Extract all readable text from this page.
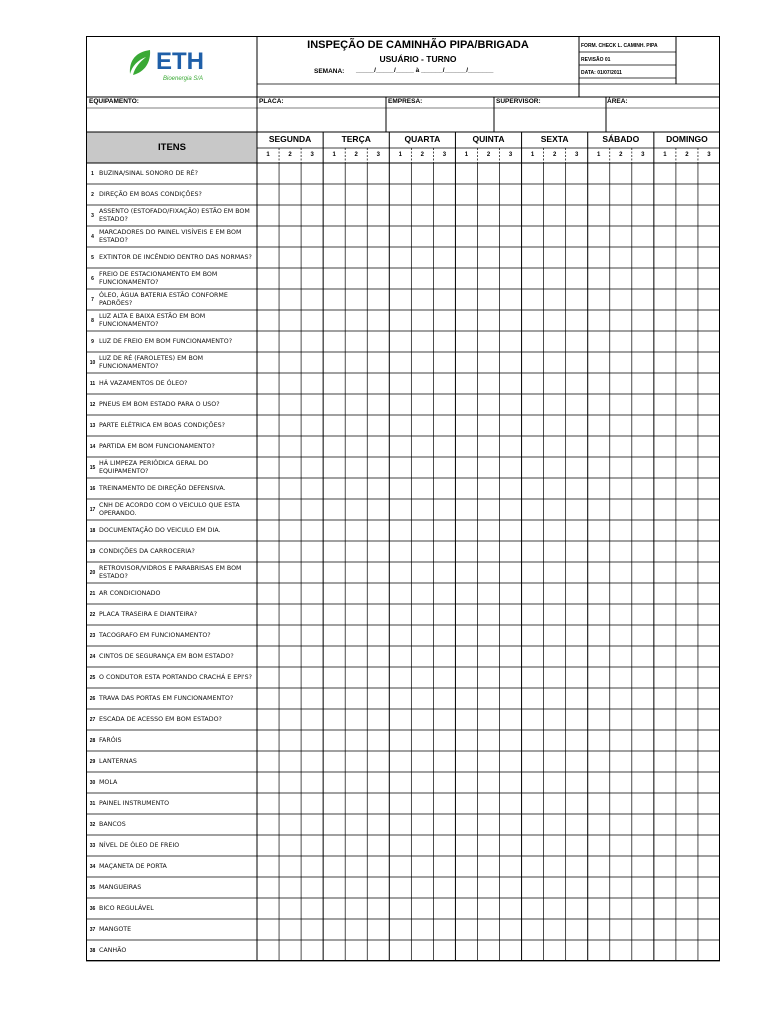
ETH
Bioenergia S/A
INSPEÇÃO DE CAMINHÃO PIPA/BRIGADA
USUÁRIO - TURNO
SEMANA: _____/_____/_____ à ______/______/_______
FORM. CHECK L. CAMINH. PIPA
REVISÃO 01
DATA: 01/07/2011
EQUIPAMENTO:	PLACA:	EMPRESA:	SUPERVISOR:	ÁREA:
ITENS
SEGUNDA
1	2	3
TERÇA
1	2	3
QUARTA
1	2	3
QUINTA
1	2	3
SEXTA
1	2	3
SÁBADO
1	2	3
DOMINGO
1	2	3
1 BUZINA/SINAL SONORO DE RÉ?
2 DIREÇÃO EM BOAS CONDIÇÕES?
3
ASSENTO (ESTOFADO/FIXAÇÃO) ESTÃO EM BOM ESTADO?
4
MARCADORES DO PAINEL VISÍVEIS E EM BOM ESTADO?
5 EXTINTOR DE INCÊNDIO DENTRO DAS NORMAS?
6
FREIO DE ESTACIONAMENTO EM BOM FUNCIONAMENTO?
7
ÓLEO, ÁGUA BATERIA ESTÃO CONFORME PADRÕES?
8
LUZ ALTA E BAIXA ESTÃO EM BOM FUNCIONAMENTO?
9 LUZ DE FREIO EM BOM FUNCIONAMENTO?
10
LUZ DE RÉ (FAROLETES) EM BOM FUNCIONAMENTO?
11 HÁ VAZAMENTOS DE ÓLEO?
12 PNEUS EM BOM ESTADO PARA O USO?
13 PARTE ELÉTRICA EM BOAS CONDIÇÕES?
14 PARTIDA EM BOM FUNCIONAMENTO?
15
HÁ LIMPEZA PERIÓDICA GERAL DO EQUIPAMENTO?
16 TREINAMENTO DE DIREÇÃO DEFENSIVA.
17
CNH DE ACORDO COM O VEICULO QUE ESTA OPERANDO.
18 DOCUMENTAÇÃO DO VEICULO EM DIA.
19 CONDIÇÕES DA CARROCERIA?
20
RETROVISOR/VIDROS E PARABRISAS EM BOM ESTADO?
21 AR CONDICIONADO
22 PLACA TRASEIRA E DIANTEIRA?
23 TACOGRAFO EM FUNCIONAMENTO?
24 CINTOS DE SEGURANÇA EM BOM ESTADO?
25 O CONDUTOR ESTA PORTANDO CRACHÁ E EPI'S?
26 TRAVA DAS PORTAS EM FUNCIONAMENTO?
27 ESCADA DE ACESSO EM BOM ESTADO?
28 FARÓIS
29 LANTERNAS
30 MOLA
31 PAINEL INSTRUMENTO
32 BANCOS
33 NÍVEL DE ÓLEO DE FREIO
34 MAÇANETA DE PORTA
35 MANGUEIRAS
36 BICO REGULÁVEL
37 MANGOTE
38 CANHÃO
